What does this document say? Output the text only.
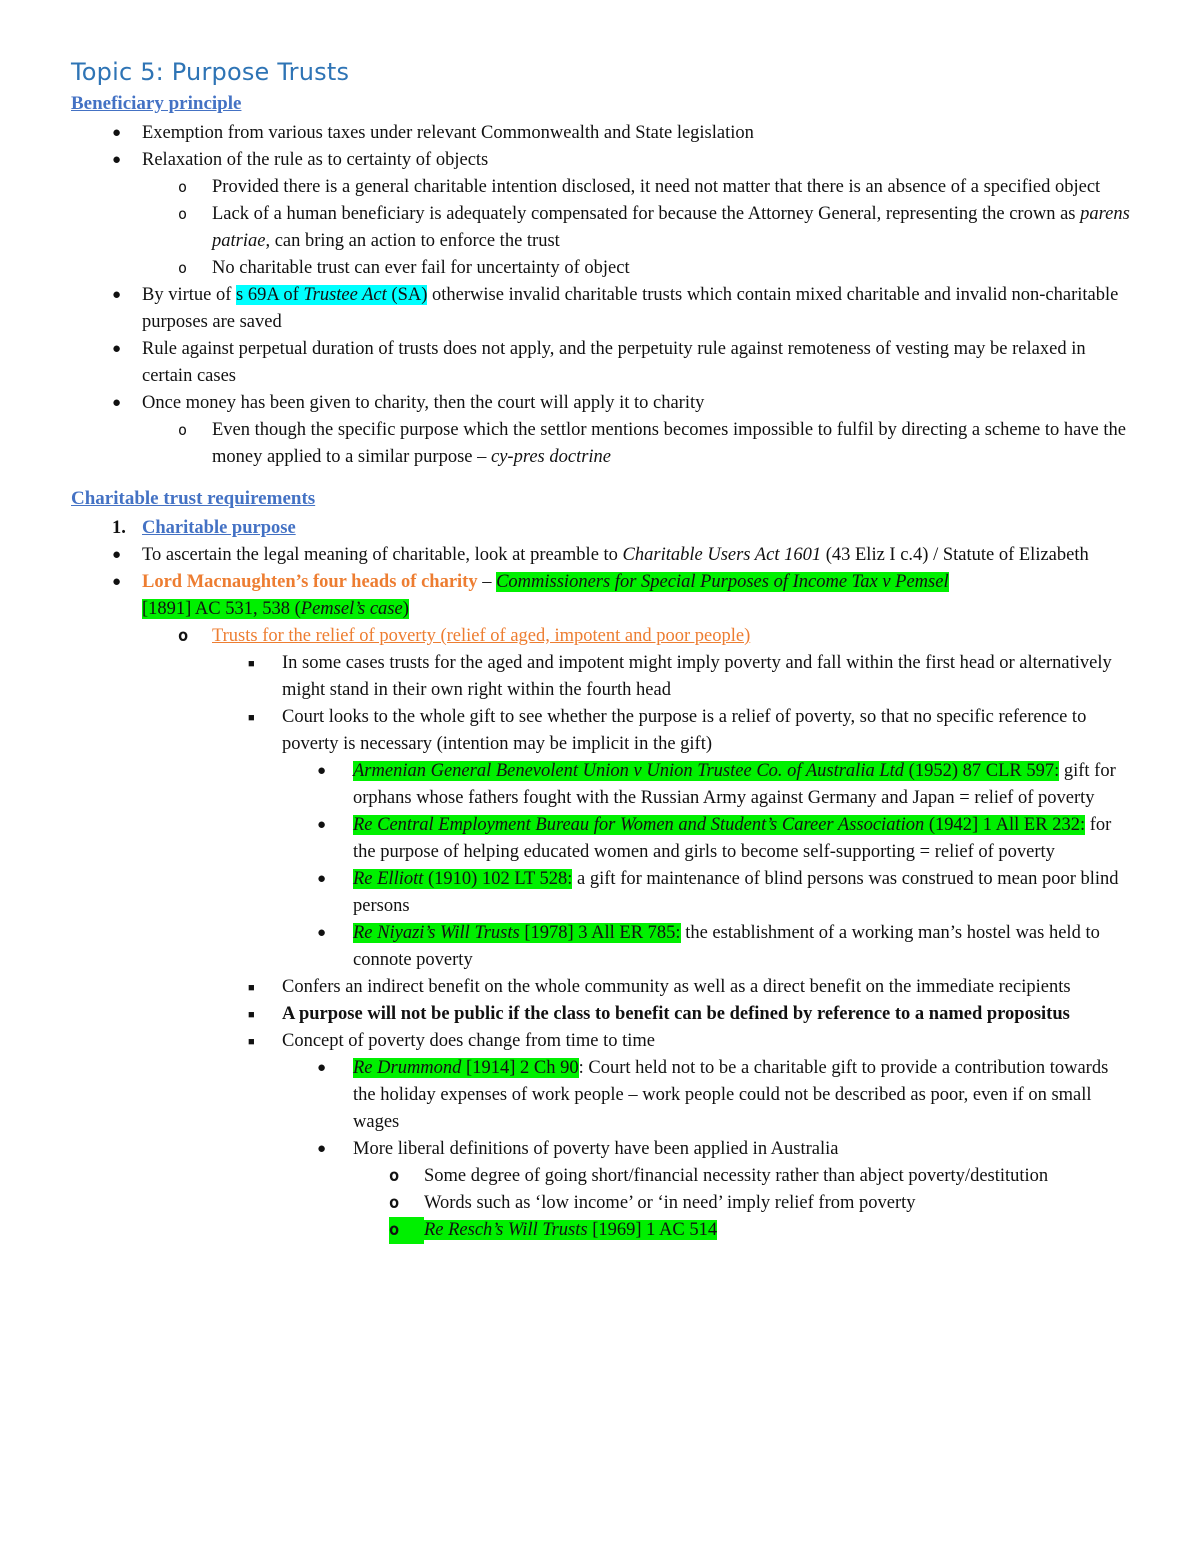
Topic 5: Purpose Trusts
Beneficiary principle
● Exemption from various taxes under relevant Commonwealth and State legislation
● Relaxation of the rule as to certainty of objects
o Provided there is a general charitable intention disclosed, it need not matter that there is an absence of a specified object
o Lack of a human beneficiary is adequately compensated for because the Attorney General, representing the crown as parens patriae, can bring an action to enforce the trust
o No charitable trust can ever fail for uncertainty of object
● By virtue of s 69A of Trustee Act (SA) otherwise invalid charitable trusts which contain mixed charitable and invalid non-charitable purposes are saved
● Rule against perpetual duration of trusts does not apply, and the perpetuity rule against remoteness of vesting may be relaxed in certain cases
● Once money has been given to charity, then the court will apply it to charity
o Even though the specific purpose which the settlor mentions becomes impossible to fulfil by directing a scheme to have the money applied to a similar purpose – cy-pres doctrine
Charitable trust requirements
1. Charitable purpose
● To ascertain the legal meaning of charitable, look at preamble to Charitable Users Act 1601 (43 Eliz I c.4) / Statute of Elizabeth
● Lord Macnaughten’s four heads of charity – Commissioners for Special Purposes of Income Tax v Pemsel
[1891] AC 531, 538 (Pemsel’s case)
o Trusts for the relief of poverty (relief of aged, impotent and poor people)
■ In some cases trusts for the aged and impotent might imply poverty and fall within the first head or alternatively might stand in their own right within the fourth head
■ Court looks to the whole gift to see whether the purpose is a relief of poverty, so that no specific reference to poverty is necessary (intention may be implicit in the gift)
● Armenian General Benevolent Union v Union Trustee Co. of Australia Ltd (1952) 87 CLR 597: gift for orphans whose fathers fought with the Russian Army against Germany and Japan = relief of poverty
● Re Central Employment Bureau for Women and Student’s Career Association (1942] 1 All ER 232: for the purpose of helping educated women and girls to become self-supporting = relief of poverty
● Re Elliott (1910) 102 LT 528: a gift for maintenance of blind persons was construed to mean poor blind persons
● Re Niyazi’s Will Trusts [1978] 3 All ER 785: the establishment of a working man’s hostel was held to connote poverty
■ Confers an indirect benefit on the whole community as well as a direct benefit on the immediate recipients
■ A purpose will not be public if the class to benefit can be defined by reference to a named propositus
■ Concept of poverty does change from time to time
● Re Drummond [1914] 2 Ch 90: Court held not to be a charitable gift to provide a contribution towards the holiday expenses of work people – work people could not be described as poor, even if on small wages
● More liberal definitions of poverty have been applied in Australia
o Some degree of going short/financial necessity rather than abject poverty/destitution
o Words such as ‘low income’ or ‘in need’ imply relief from poverty
o	Re Resch’s Will Trusts [1969] 1 AC 514
